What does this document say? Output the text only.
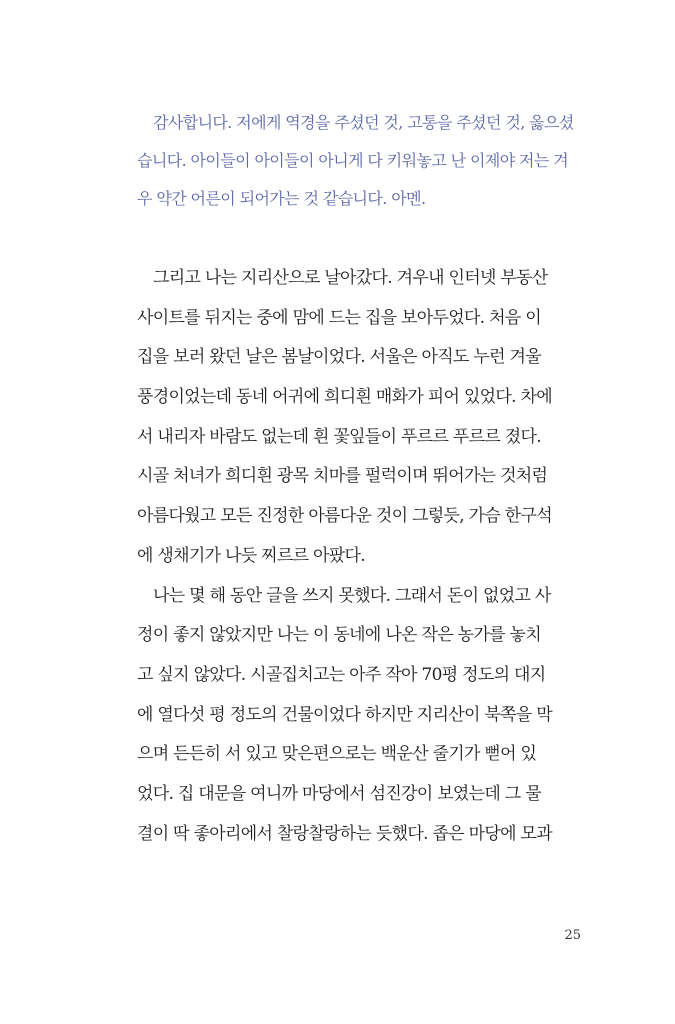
감사합니다. 저에게 역경을 주셨던 것, 고통을 주셨던 것, 옳으셨
습니다. 아이들이 아이들이 아니게 다 키워놓고 난 이제야 저는 겨
우 약간 어른이 되어가는 것 같습니다. 아멘.
그리고 나는 지리산으로 날아갔다. 겨우내 인터넷 부동산
사이트를 뒤지는 중에 맘에 드는 집을 보아두었다. 처음 이
집을 보러 왔던 날은 봄날이었다. 서울은 아직도 누런 겨울
풍경이었는데 동네 어귀에 희디흰 매화가 피어 있었다. 차에
서 내리자 바람도 없는데 흰 꽃잎들이 푸르르 푸르르 졌다.
시골 처녀가 희디흰 광목 치마를 펄럭이며 뛰어가는 것처럼
아름다웠고 모든 진정한 아름다운 것이 그렇듯, 가슴 한구석
에 생채기가 나듯 찌르르 아팠다.
나는 몇 해 동안 글을 쓰지 못했다. 그래서 돈이 없었고 사
정이 좋지 않았지만 나는 이 동네에 나온 작은 농가를 놓치
고 싶지 않았다. 시골집치고는 아주 작아 70평 정도의 대지
에 열다섯 평 정도의 건물이었다 하지만 지리산이 북쪽을 막
으며 든든히 서 있고 맞은편으로는 백운산 줄기가 뻗어 있
었다. 집 대문을 여니까 마당에서 섬진강이 보였는데 그 물
결이 딱 좋아리에서 찰랑찰랑하는 듯했다. 좁은 마당에 모과
25
